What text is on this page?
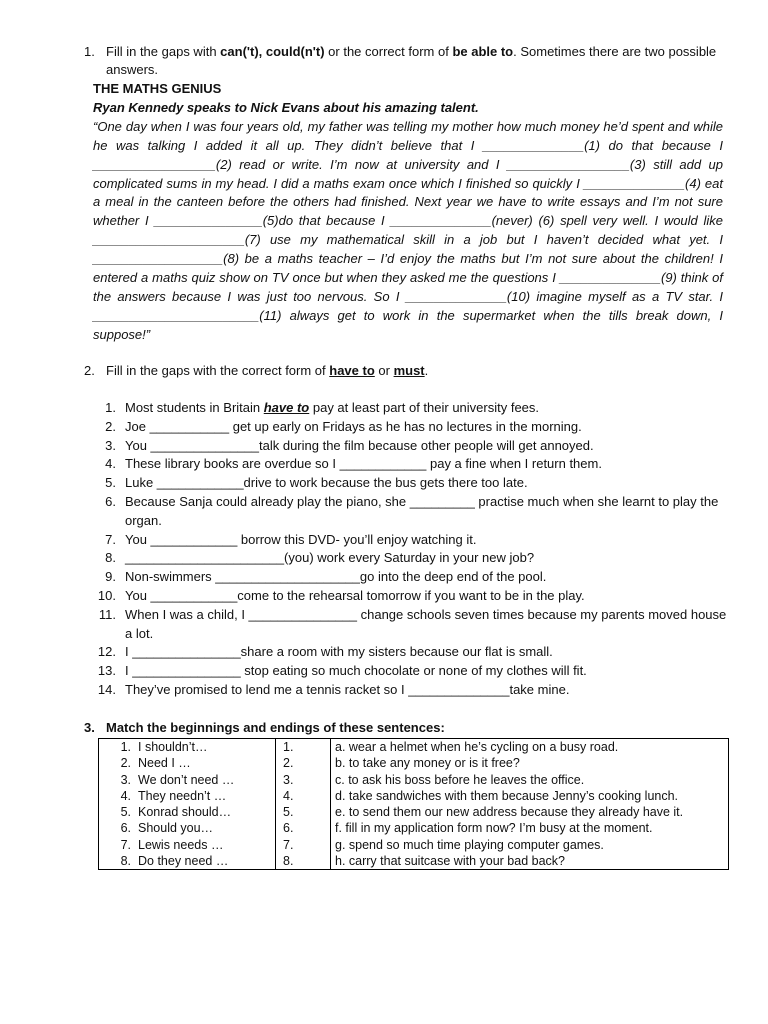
1. Fill in the gaps with can('t), could(n't) or the correct form of be able to. Sometimes there are two possible answers.
THE MATHS GENIUS
Ryan Kennedy speaks to Nick Evans about his amazing talent.
“One day when I was four years old, my father was telling my mother how much money he’d spent and while he was talking I added it all up. They didn’t believe that I ______________(1) do that because I _________________(2) read or write. I’m now at university and I _________________(3) still add up complicated sums in my head. I did a maths exam once which I finished so quickly I ______________(4) eat a meal in the canteen before the others had finished. Next year we have to write essays and I’m not sure whether I _______________(5)do that because I ______________(never) (6) spell very well. I would like _____________________(7) use my mathematical skill in a job but I haven’t decided what yet. I __________________(8) be a maths teacher – I’d enjoy the maths but I’m not sure about the children! I entered a maths quiz show on TV once but when they asked me the questions I ______________(9) think of the answers because I was just too nervous. So I ______________(10) imagine myself as a TV star. I _______________________(11) always get to work in the supermarket when the tills break down, I suppose!”
2. Fill in the gaps with the correct form of have to or must.
1. Most students in Britain have to pay at least part of their university fees.
2. Joe ___________ get up early on Fridays as he has no lectures in the morning.
3. You _______________talk during the film because other people will get annoyed.
4. These library books are overdue so I ____________ pay a fine when I return them.
5. Luke ____________drive to work because the bus gets there too late.
6. Because Sanja could already play the piano, she _________ practise much when she learnt to play the organ.
7. You ____________ borrow this DVD- you’ll enjoy watching it.
8. ______________________(you) work every Saturday in your new job?
9. Non-swimmers ____________________go into the deep end of the pool.
10. You ____________come to the rehearsal tomorrow if you want to be in the play.
11. When I was a child, I _______________ change schools seven times because my parents moved house a lot.
12. I _______________share a room with my sisters because our flat is small.
13. I _______________ stop eating so much chocolate or none of my clothes will fit.
14. They’ve promised to lend me a tennis racket so I ______________take mine.
3. Match the beginnings and endings of these sentences:
1. I shouldn’t…	1.	a. wear a helmet when he’s cycling on a busy road.
2. Need I …	2.	b. to take any money or is it free?
3. We don’t need …	3.	c. to ask his boss before he leaves the office.
4. They needn’t …	4.	d. take sandwiches with them because Jenny’s cooking lunch.
5. Konrad should…	5.	e. to send them our new address because they already have it.
6. Should you…	6.	f. fill in my application form now? I’m busy at the moment.
7. Lewis needs …	7.	g. spend so much time playing computer games.
8. Do they need …	8.	h. carry that suitcase with your bad back?
